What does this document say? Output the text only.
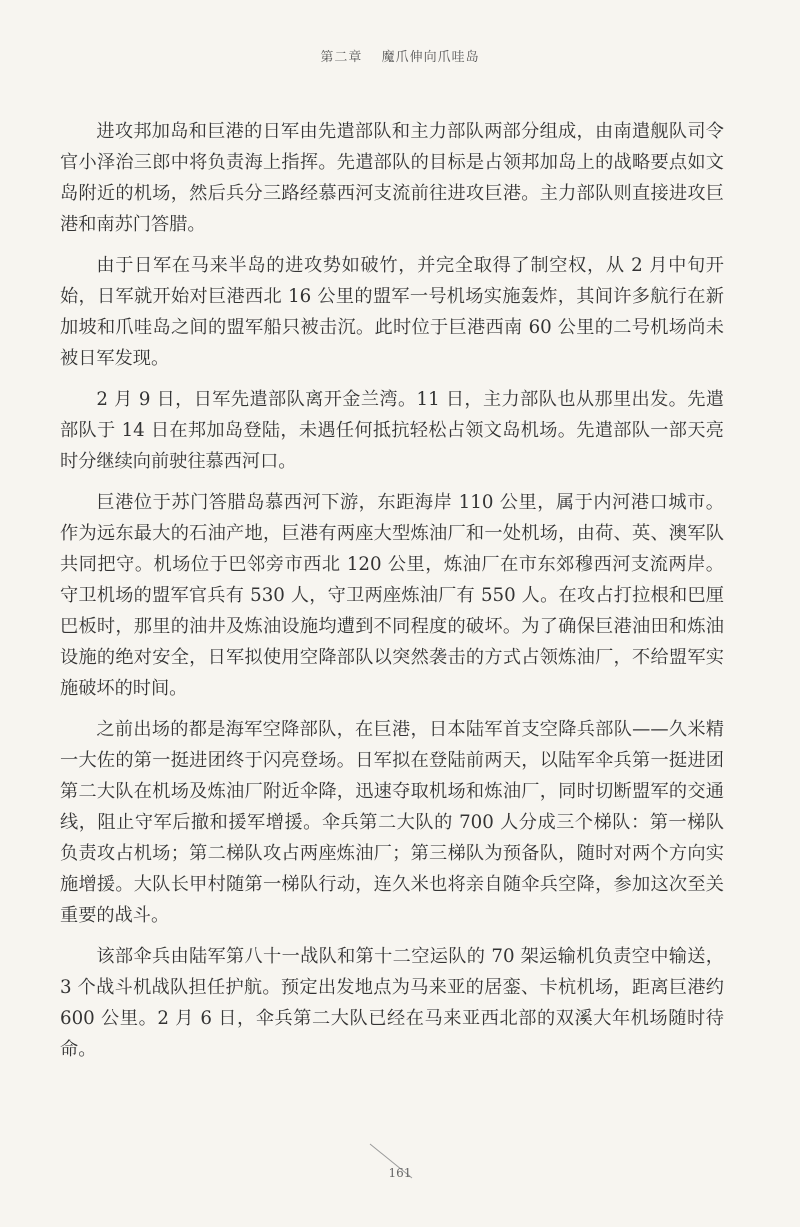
第二章 魔爪伸向爪哇岛

进攻邦加岛和巨港的日军由先遣部队和主力部队两部分组成，由南遣舰队司令官小泽治三郎中将负责海上指挥。先遣部队的目标是占领邦加岛上的战略要点如文岛附近的机场，然后兵分三路经慕西河支流前往进攻巨港。主力部队则直接进攻巨港和南苏门答腊。

由于日军在马来半岛的进攻势如破竹，并完全取得了制空权，从 2 月中旬开始，日军就开始对巨港西北 16 公里的盟军一号机场实施轰炸，其间许多航行在新加坡和爪哇岛之间的盟军船只被击沉。此时位于巨港西南 60 公里的二号机场尚未被日军发现。

2 月 9 日，日军先遣部队离开金兰湾。11 日，主力部队也从那里出发。先遣部队于 14 日在邦加岛登陆，未遇任何抵抗轻松占领文岛机场。先遣部队一部天亮时分继续向前驶往慕西河口。

巨港位于苏门答腊岛慕西河下游，东距海岸 110 公里，属于内河港口城市。作为远东最大的石油产地，巨港有两座大型炼油厂和一处机场，由荷、英、澳军队共同把守。机场位于巴邻旁市西北 120 公里，炼油厂在市东郊穆西河支流两岸。守卫机场的盟军官兵有 530 人，守卫两座炼油厂有 550 人。在攻占打拉根和巴厘巴板时，那里的油井及炼油设施均遭到不同程度的破坏。为了确保巨港油田和炼油设施的绝对安全，日军拟使用空降部队以突然袭击的方式占领炼油厂，不给盟军实施破坏的时间。

之前出场的都是海军空降部队，在巨港，日本陆军首支空降兵部队——久米精一大佐的第一挺进团终于闪亮登场。日军拟在登陆前两天，以陆军伞兵第一挺进团第二大队在机场及炼油厂附近伞降，迅速夺取机场和炼油厂，同时切断盟军的交通线，阻止守军后撤和援军增援。伞兵第二大队的 700 人分成三个梯队：第一梯队负责攻占机场；第二梯队攻占两座炼油厂；第三梯队为预备队，随时对两个方向实施增援。大队长甲村随第一梯队行动，连久米也将亲自随伞兵空降，参加这次至关重要的战斗。

该部伞兵由陆军第八十一战队和第十二空运队的 70 架运输机负责空中输送，3 个战斗机战队担任护航。预定出发地点为马来亚的居銮、卡杭机场，距离巨港约 600 公里。2 月 6 日，伞兵第二大队已经在马来亚西北部的双溪大年机场随时待命。

161
